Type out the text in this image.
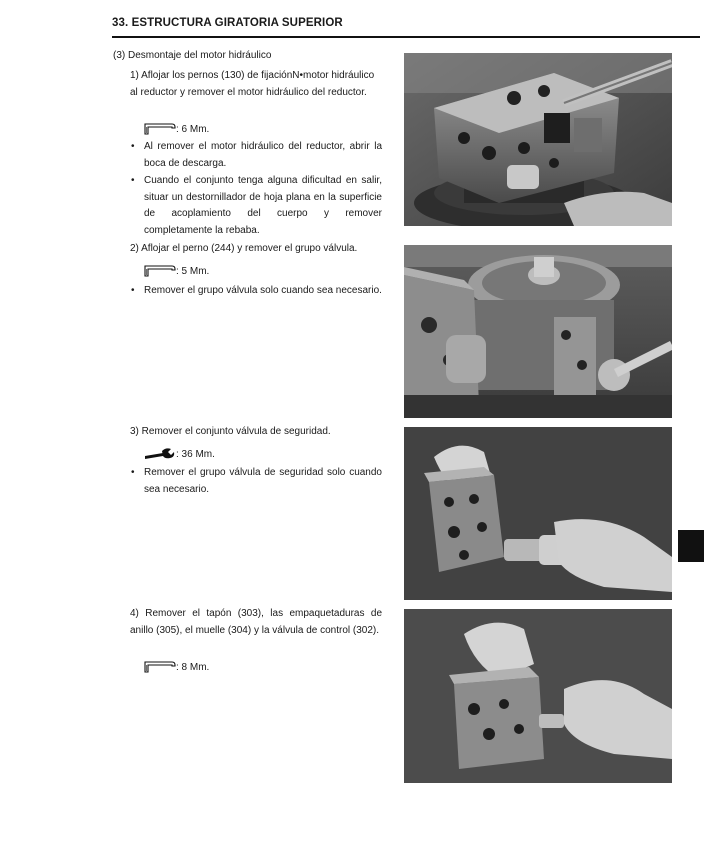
33. ESTRUCTURA GIRATORIA SUPERIOR
(3) Desmontaje del motor hidráulico
1) Aflojar los pernos (130) de fijaciónN•motor hidráulico al reductor y remover el motor hidráulico del reductor.
: 6 Mm.
• Al remover el motor hidráulico del reductor, abrir la boca de descarga.
• Cuando el conjunto tenga alguna dificultad en salir, situar un destornillador de hoja plana en la superficie de acoplamiento del cuerpo y remover completamente la rebaba.
2) Aflojar el perno (244) y remover el grupo válvula.
: 5 Mm.
• Remover el grupo válvula solo cuando sea necesario.
3) Remover el conjunto válvula de seguridad.
: 36 Mm.
• Remover el grupo válvula de seguridad solo cuando sea necesario.
4) Remover el tapón (303), las empaquetaduras de anillo (305), el muelle (304) y la válvula de control (302).
: 8 Mm.
